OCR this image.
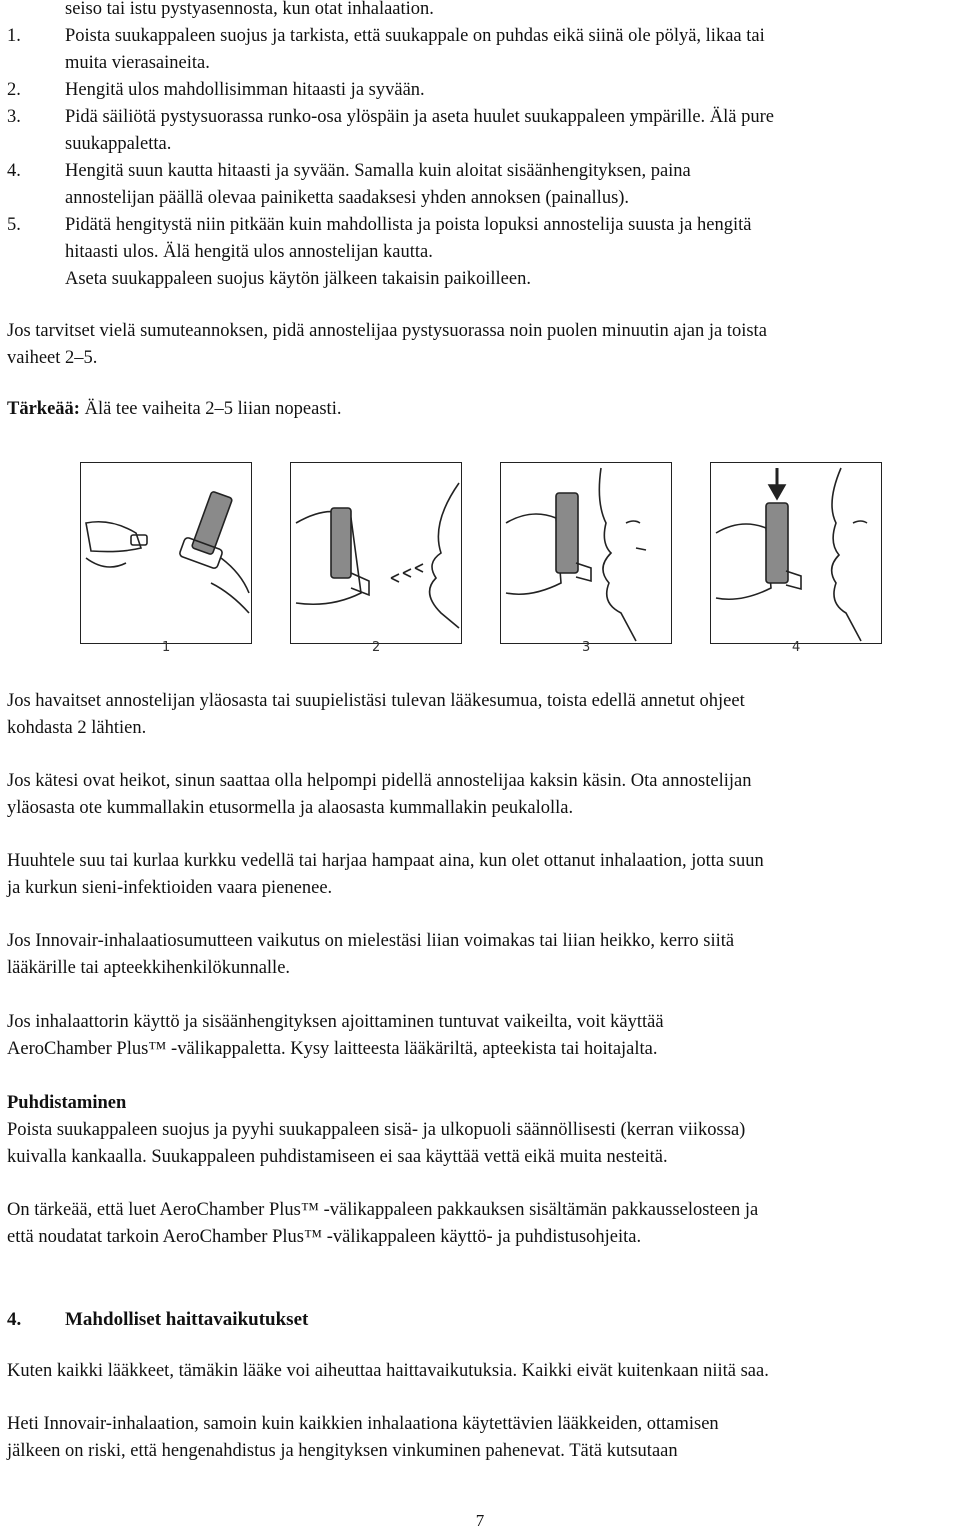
seiso tai istu pystyasennosta, kun otat inhalaation.
1.	Poista suukappaleen suojus ja tarkista, että suukappale on puhdas eikä siinä ole pölyä, likaa tai
muita vierasaineita.
2.	Hengitä ulos mahdollisimman hitaasti ja syvään.
3.	Pidä säiliötä pystysuorassa runko-osa ylöspäin ja aseta huulet suukappaleen ympärille. Älä pure
suukappaletta.
4.	Hengitä suun kautta hitaasti ja syvään. Samalla kuin aloitat sisäänhengityksen, paina
annostelijan päällä olevaa painiketta saadaksesi yhden annoksen (painallus).
5.	Pidätä hengitystä niin pitkään kuin mahdollista ja poista lopuksi annostelija suusta ja hengitä
hitaasti ulos. Älä hengitä ulos annostelijan kautta.
Aseta suukappaleen suojus käytön jälkeen takaisin paikoilleen.
Jos tarvitset vielä sumuteannoksen, pidä annostelijaa pystysuorassa noin puolen minuutin ajan ja toista
vaiheet 2–5.
Tärkeää: Älä tee vaiheita 2–5 liian nopeasti.
1	2	3	4
Jos havaitset annostelijan yläosasta tai suupielistäsi tulevan lääkesumua, toista edellä annetut ohjeet
kohdasta 2 lähtien.
Jos kätesi ovat heikot, sinun saattaa olla helpompi pidellä annostelijaa kaksin käsin. Ota annostelijan
yläosasta ote kummallakin etusormella ja alaosasta kummallakin peukalolla.
Huuhtele suu tai kurlaa kurkku vedellä tai harjaa hampaat aina, kun olet ottanut inhalaation, jotta suun
ja kurkun sieni-infektioiden vaara pienenee.
Jos Innovair-inhalaatiosumutteen vaikutus on mielestäsi liian voimakas tai liian heikko, kerro siitä
lääkärille tai apteekkihenkilökunnalle.
Jos inhalaattorin käyttö ja sisäänhengityksen ajoittaminen tuntuvat vaikeilta, voit käyttää
AeroChamber Plus™ -välikappaletta. Kysy laitteesta lääkäriltä, apteekista tai hoitajalta.
Puhdistaminen
Poista suukappaleen suojus ja pyyhi suukappaleen sisä- ja ulkopuoli säännöllisesti (kerran viikossa)
kuivalla kankaalla. Suukappaleen puhdistamiseen ei saa käyttää vettä eikä muita nesteitä.
On tärkeää, että luet AeroChamber Plus™ -välikappaleen pakkauksen sisältämän pakkausselosteen ja
että noudatat tarkoin AeroChamber Plus™ -välikappaleen käyttö- ja puhdistusohjeita.
4. Mahdolliset haittavaikutukset
Kuten kaikki lääkkeet, tämäkin lääke voi aiheuttaa haittavaikutuksia. Kaikki eivät kuitenkaan niitä saa.
Heti Innovair-inhalaation, samoin kuin kaikkien inhalaationa käytettävien lääkkeiden, ottamisen
jälkeen on riski, että hengenahdistus ja hengityksen vinkuminen pahenevat. Tätä kutsutaan
7
